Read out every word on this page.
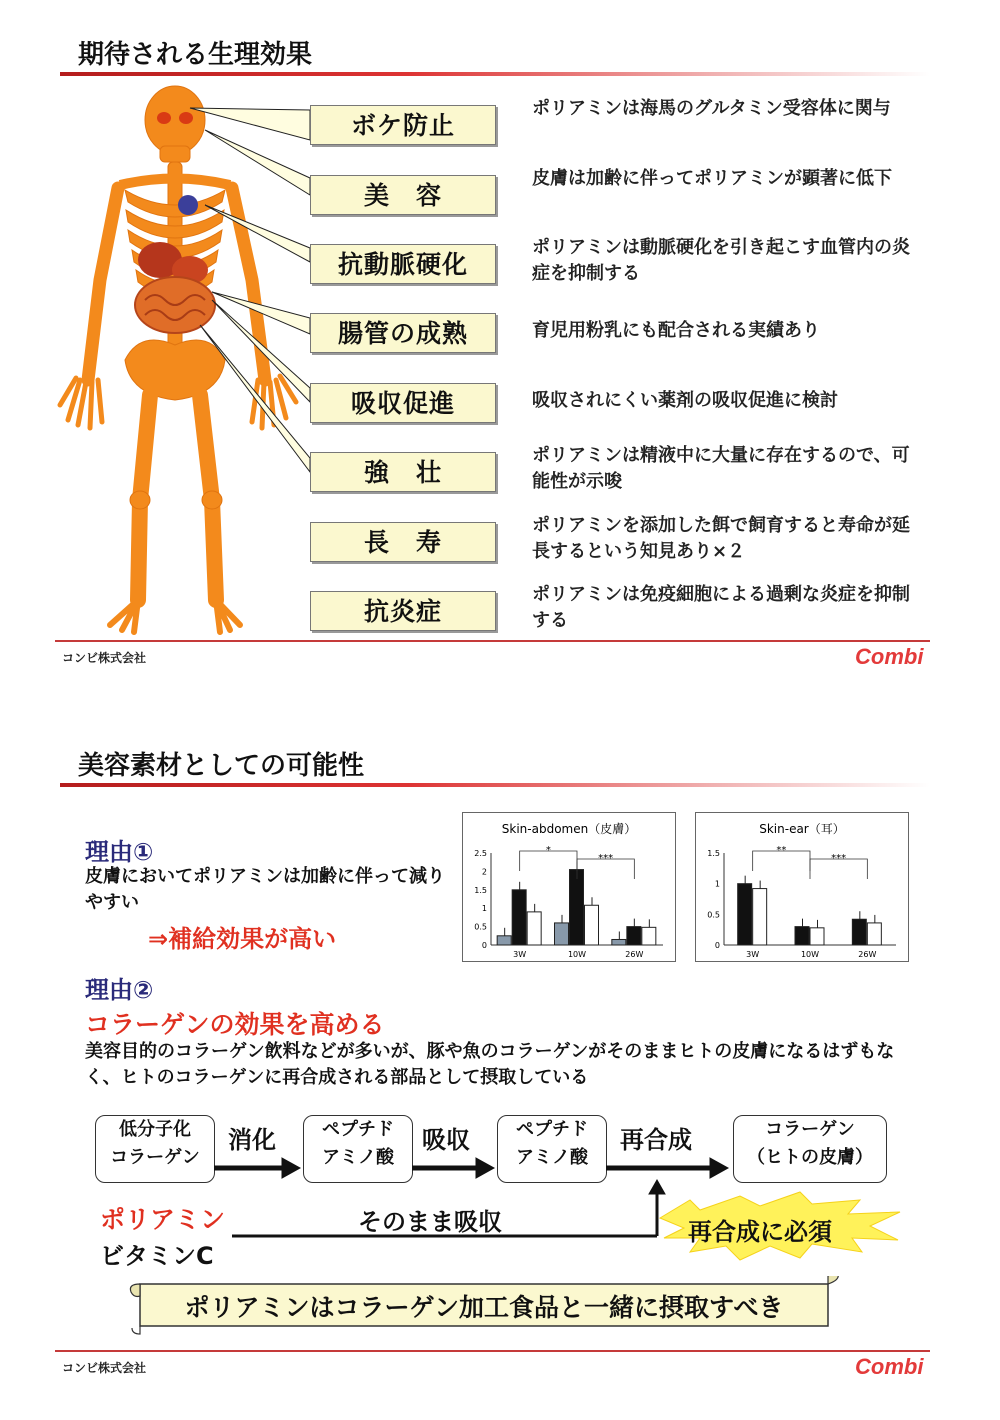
期待される生理効果
ボケ防止
美　容
抗動脈硬化
腸管の成熟
吸収促進
強　壮
長　寿
抗炎症
ポリアミンは海馬のグルタミン受容体に関与
皮膚は加齢に伴ってポリアミンが顕著に低下
ポリアミンは動脈硬化を引き起こす血管内の炎症を抑制する
育児用粉乳にも配合される実績あり
吸収されにくい薬剤の吸収促進に検討
ポリアミンは精液中に大量に存在するので、可能性が示唆
ポリアミンを添加した餌で飼育すると寿命が延長するという知見あり×２
ポリアミンは免疫細胞による過剰な炎症を抑制する
コンビ株式会社	Combi
美容素材としての可能性
理由①
皮膚においてポリアミンは加齢に伴って減りやすい
⇒補給効果が高い
Skin-abdomen（皮膚）
0
0.5
1
1.5
2
2.5
3W	10W	26W
*
***
Skin-ear（耳）
0
0.5
1
1.5
3W	10W	26W
**
***
理由②
コラーゲンの効果を高める
美容目的のコラーゲン飲料などが多いが、豚や魚のコラーゲンがそのままヒトの皮膚になるはずもなく、ヒトのコラーゲンに再合成される部品として摂取している
低分子化
コラーゲン
消化	ペプチド
アミノ酸
吸収	ペプチド
アミノ酸
再合成	コラーゲン
（ヒトの皮膚）
ポリアミン
ビタミンC
そのまま吸収	再合成に必須
ポリアミンはコラーゲン加工食品と一緒に摂取すべき
コンビ株式会社	Combi
